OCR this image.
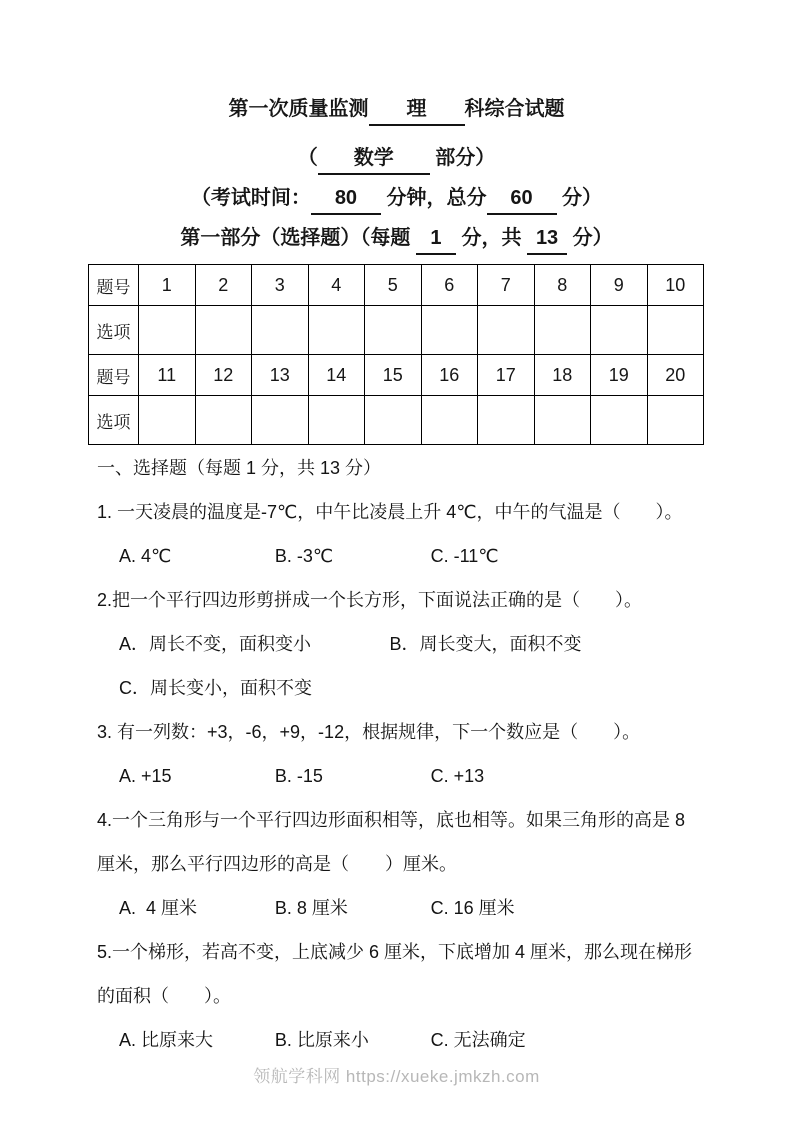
第一次质量监测 理 科综合试题
（ 数学 部分）
（考试时间： 80 分钟，总分 60 分）
第一部分（选择题）（每题 1 分，共 13 分）
题号	1	2	3	4	5	6	7	8	9	10
选项										
题号	11	12	13	14	15	16	17	18	19	20
选项										
一、选择题（每题 1 分，共 13 分）
1. 一天凌晨的温度是-7℃，中午比凌晨上升 4℃，中午的气温是（       ）。
A. 4℃	B. -3℃	C. -11℃
2.把一个平行四边形剪拼成一个长方形，下面说法正确的是（       ）。
A．周长不变，面积变小	B．周长变大，面积不变
C．周长变小，面积不变
3. 有一列数：+3，-6，+9，-12，根据规律，下一个数应是（       ）。
A. +15	B. -15	C. +13
4.一个三角形与一个平行四边形面积相等，底也相等。如果三角形的高是 8 厘米，那么平行四边形的高是（　　）厘米。
A.  4 厘米	B. 8 厘米	C. 16 厘米
5.一个梯形，若高不变，上底减少 6 厘米，下底增加 4 厘米，那么现在梯形的面积（       ）。
A. 比原来大	B. 比原来小	C. 无法确定
领航学科网 https://xueke.jmkzh.com
